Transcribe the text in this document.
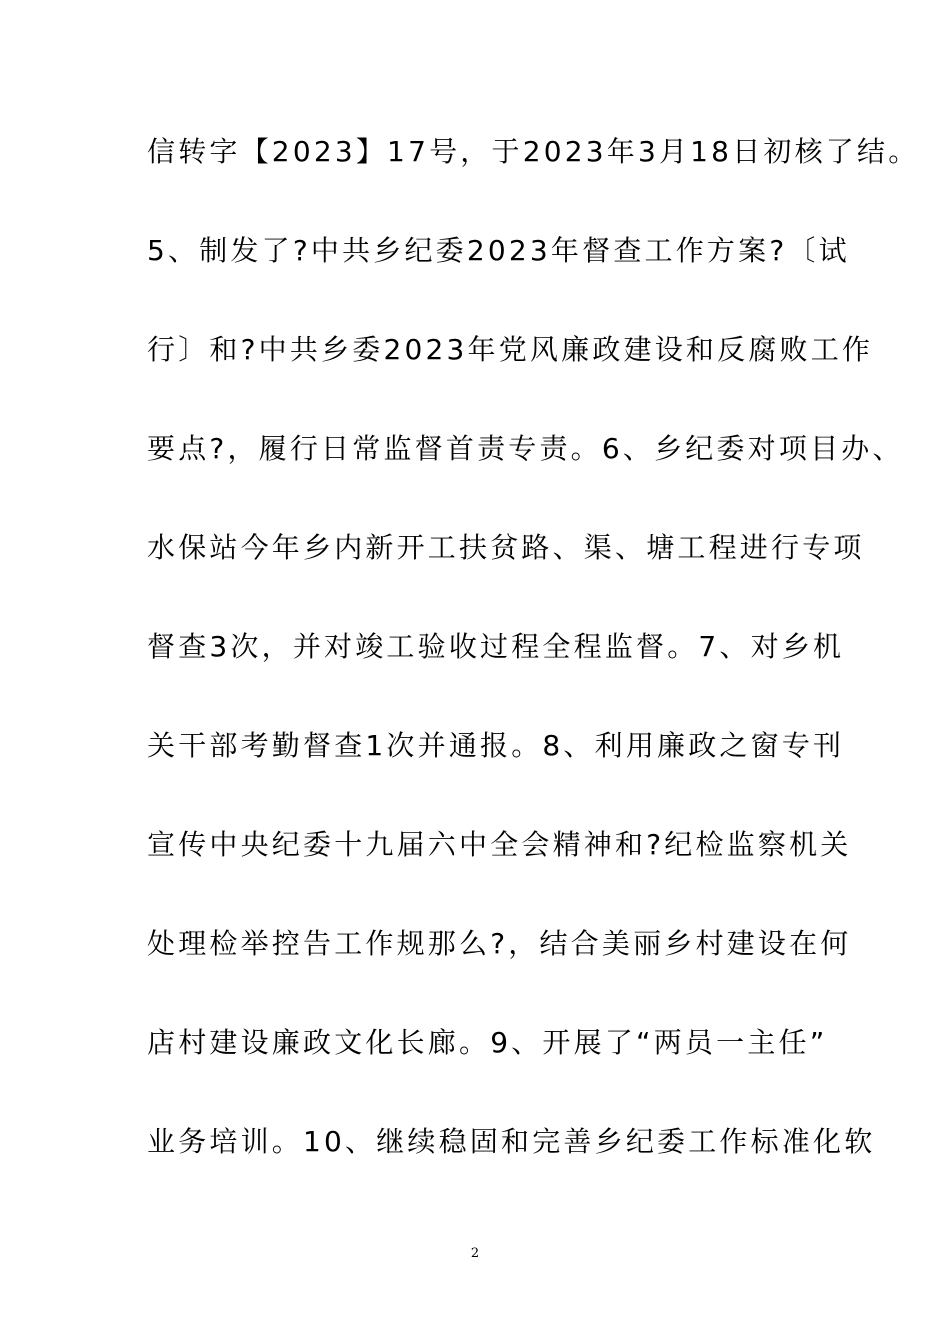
信转字【2023】17号，于2023年3月18日初核了结。
5、制发了?中共乡纪委2023年督查工作方案?〔试
行〕和?中共乡委2023年党风廉政建设和反腐败工作
要点?，履行日常监督首责专责。6、乡纪委对项目办、
水保站今年乡内新开工扶贫路、渠、塘工程进行专项
督查3次，并对竣工验收过程全程监督。7、对乡机
关干部考勤督查1次并通报。8、利用廉政之窗专刊
宣传中央纪委十九届六中全会精神和?纪检监察机关
处理检举控告工作规那么?，结合美丽乡村建设在何
店村建设廉政文化长廊。9、开展了“两员一主任”
业务培训。10、继续稳固和完善乡纪委工作标准化软
2
